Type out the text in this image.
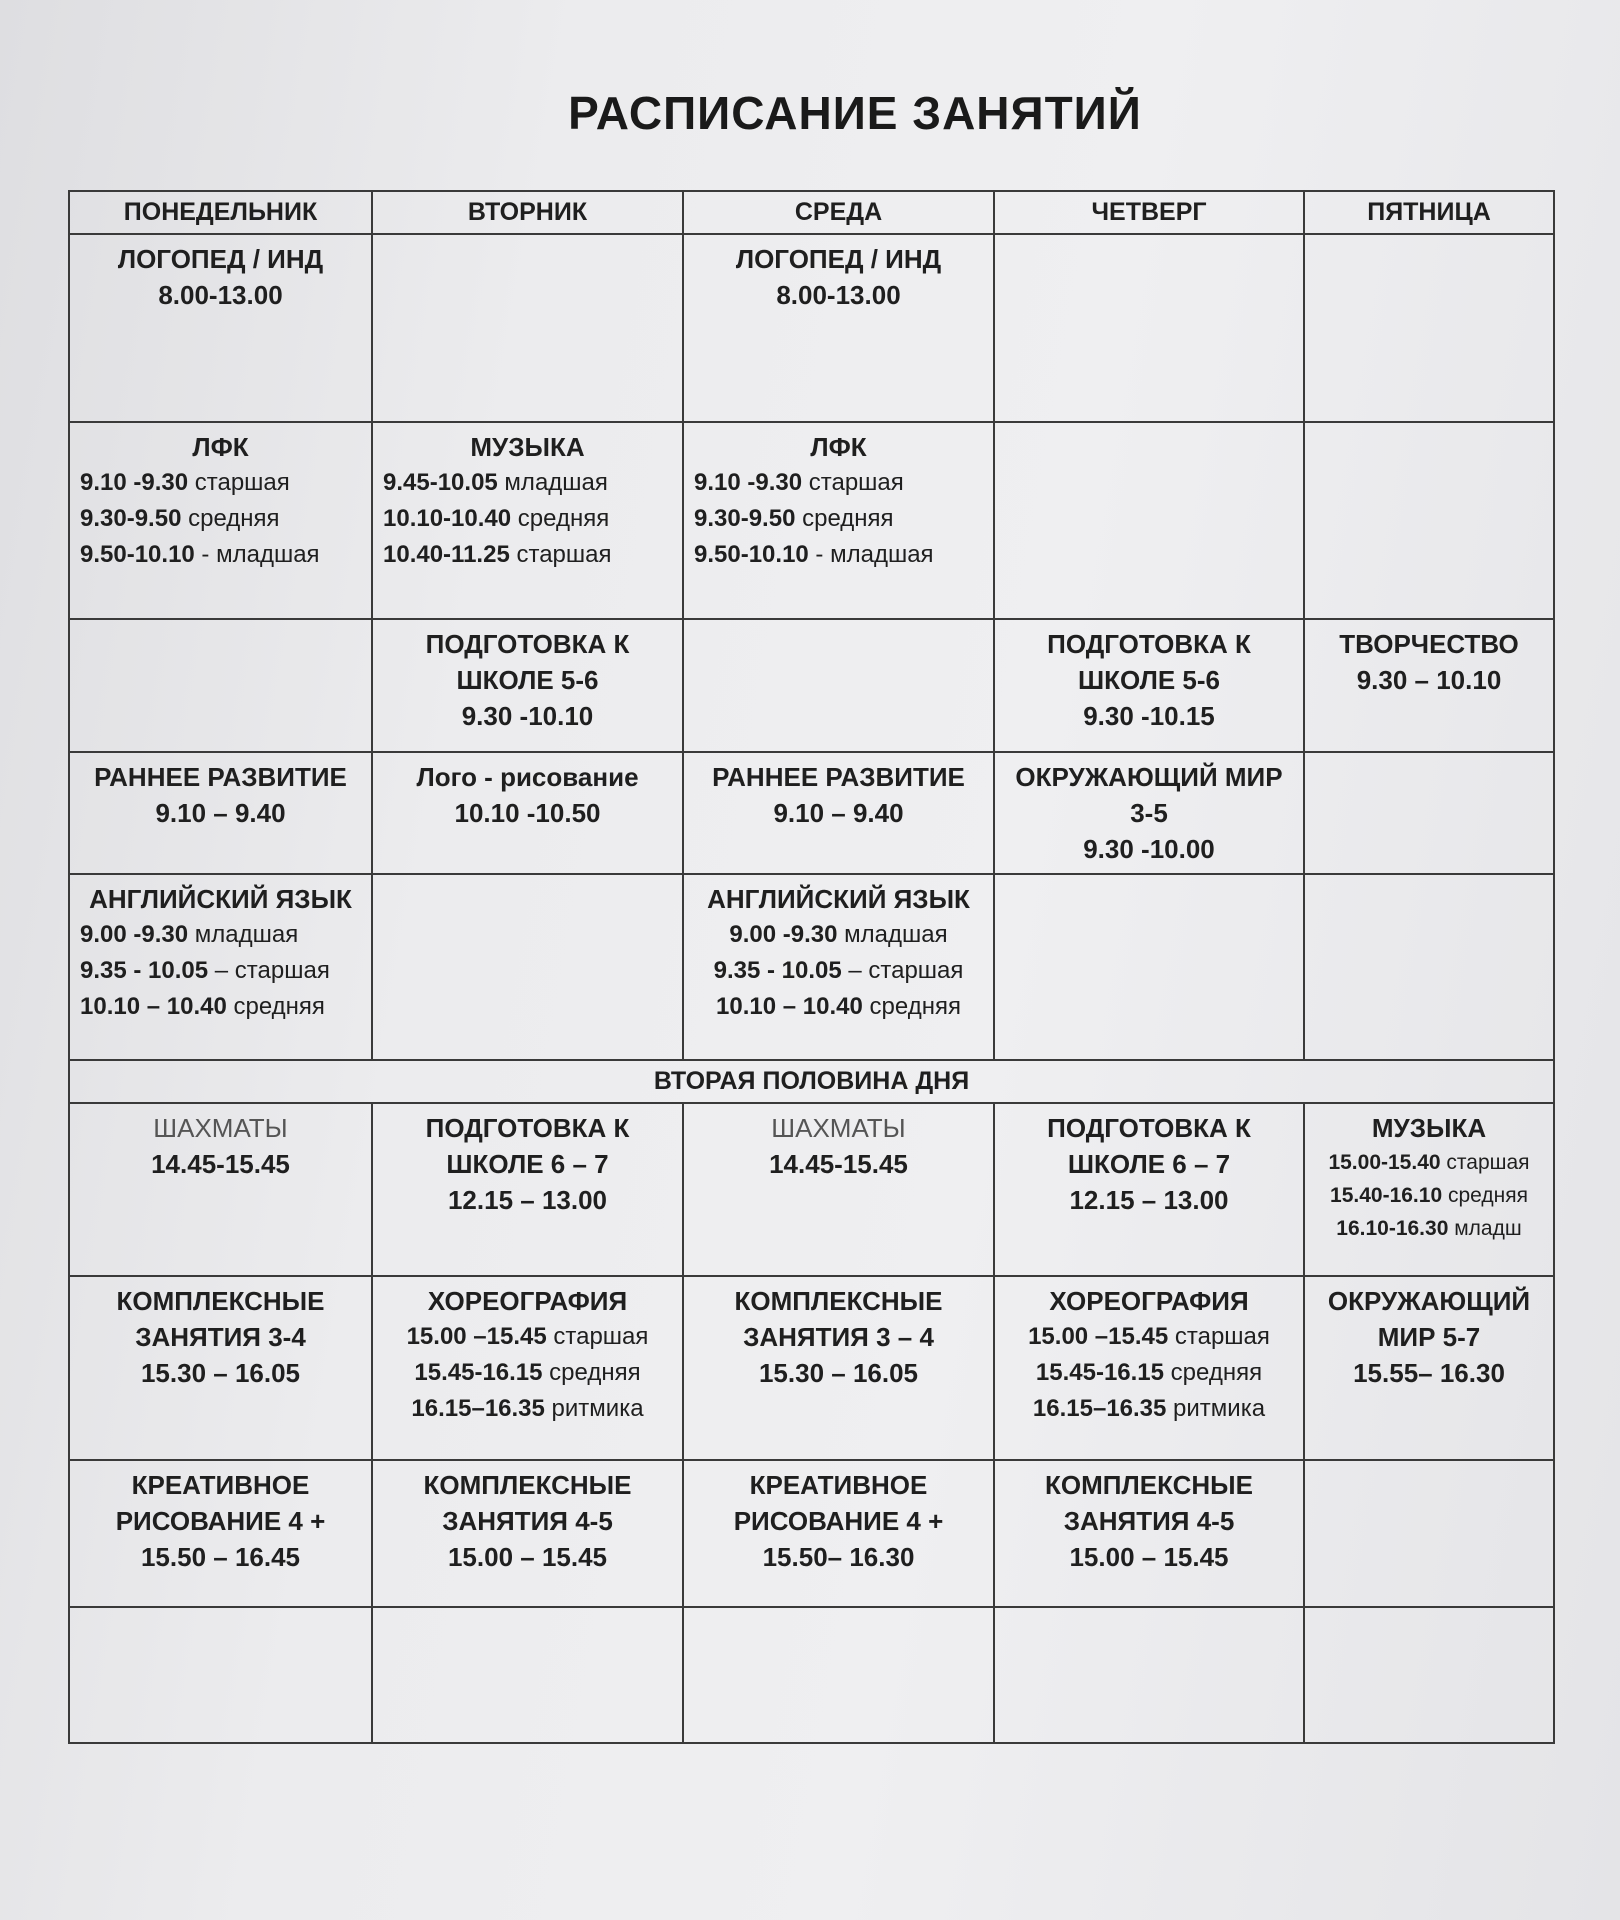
РАСПИСАНИЕ ЗАНЯТИЙ
ПОНЕДЕЛЬНИК	ВТОРНИК	СРЕДА	ЧЕТВЕРГ	ПЯТНИЦА

ЛОГОПЕД / ИНД
8.00-13.00		ЛОГОПЕД / ИНД
8.00-13.00		

ЛФК
9.10 -9.30 старшая
9.30-9.50 средняя
9.50-10.10 - младшая	МУЗЫКА
9.45-10.05 младшая
10.10-10.40 средняя
10.40-11.25 старшая	ЛФК
9.10 -9.30 старшая
9.30-9.50 средняя
9.50-10.10 - младшая		

	ПОДГОТОВКА К
ШКОЛЕ 5-6
9.30 -10.10		ПОДГОТОВКА К
ШКОЛЕ 5-6
9.30 -10.15	ТВОРЧЕСТВО
9.30 – 10.10

РАННЕЕ РАЗВИТИЕ
9.10 – 9.40	Лого - рисование
10.10 -10.50	РАННЕЕ РАЗВИТИЕ
9.10 – 9.40	ОКРУЖАЮЩИЙ МИР
3-5
9.30 -10.00	

АНГЛИЙСКИЙ ЯЗЫК
9.00 -9.30 младшая
9.35 - 10.05 – старшая
10.10 – 10.40 средняя		АНГЛИЙСКИЙ ЯЗЫК
9.00 -9.30 младшая
9.35 - 10.05 – старшая
10.10 – 10.40 средняя		

ВТОРАЯ ПОЛОВИНА ДНЯ				

ШАХМАТЫ
14.45-15.45	ПОДГОТОВКА К
ШКОЛЕ 6 – 7
12.15 – 13.00	ШАХМАТЫ
14.45-15.45	ПОДГОТОВКА К
ШКОЛЕ 6 – 7
12.15 – 13.00	МУЗЫКА
15.00-15.40 старшая
15.40-16.10 средняя
16.10-16.30 младш

КОМПЛЕКСНЫЕ
ЗАНЯТИЯ 3-4
15.30 – 16.05	ХОРЕОГРАФИЯ
15.00 –15.45 старшая
15.45-16.15 средняя
16.15–16.35 ритмика	КОМПЛЕКСНЫЕ
ЗАНЯТИЯ 3 – 4
15.30 – 16.05	ХОРЕОГРАФИЯ
15.00 –15.45 старшая
15.45-16.15 средняя
16.15–16.35 ритмика	ОКРУЖАЮЩИЙ
МИР 5-7
15.55– 16.30

КРЕАТИВНОЕ
РИСОВАНИЕ 4 +
15.50 – 16.45	КОМПЛЕКСНЫЕ
ЗАНЯТИЯ 4-5
15.00 – 15.45	КРЕАТИВНОЕ
РИСОВАНИЕ 4 +
15.50– 16.30	КОМПЛЕКСНЫЕ
ЗАНЯТИЯ 4-5
15.00 – 15.45	
